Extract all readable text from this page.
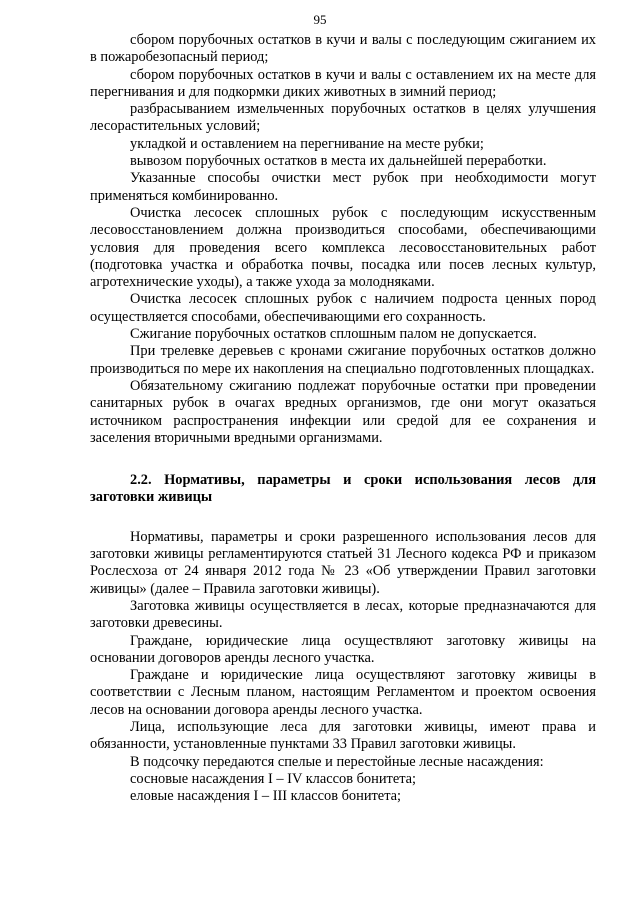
95

сбором порубочных остатков в кучи и валы с последующим сжиганием их в пожаробезопасный период;

сбором порубочных остатков в кучи и валы с оставлением их на месте для перегнивания и для подкормки диких животных в зимний период;

разбрасыванием измельченных порубочных остатков в целях улучшения лесорастительных условий;

укладкой и оставлением на перегнивание на месте рубки;

вывозом порубочных остатков в места их дальнейшей переработки.

Указанные способы очистки мест рубок при необходимости могут применяться комбинированно.

Очистка лесосек сплошных рубок с последующим искусственным лесовосстановлением должна производиться способами, обеспечивающими условия для проведения всего комплекса лесовосстановительных работ (подготовка участка и обработка почвы, посадка или посев лесных культур, агротехнические уходы), а также ухода за молодняками.

Очистка лесосек сплошных рубок с наличием подроста ценных пород осуществляется способами, обеспечивающими его сохранность.

Сжигание порубочных остатков сплошным палом не допускается.

При трелевке деревьев с кронами сжигание порубочных остатков должно производиться по мере их накопления на специально подготовленных площадках.

Обязательному сжиганию подлежат порубочные остатки при проведении санитарных рубок в очагах вредных организмов, где они могут оказаться источником распространения инфекции или средой для ее сохранения и заселения вторичными вредными организмами.

2.2. Нормативы, параметры и сроки использования лесов для заготовки живицы

Нормативы, параметры и сроки разрешенного использования лесов для заготовки живицы регламентируются статьей 31 Лесного кодекса РФ и приказом Рослесхоза от 24 января 2012 года № 23 «Об утверждении Правил заготовки живицы» (далее – Правила заготовки живицы).

Заготовка живицы осуществляется в лесах, которые предназначаются для заготовки древесины.

Граждане, юридические лица осуществляют заготовку живицы на основании договоров аренды лесного участка.

Граждане и юридические лица осуществляют заготовку живицы в соответствии с Лесным планом, настоящим Регламентом и проектом освоения лесов на основании договора аренды лесного участка.

Лица, использующие леса для заготовки живицы, имеют права и обязанности, установленные пунктами 33 Правил заготовки живицы.

В подсочку передаются спелые и перестойные лесные насаждения:

сосновые насаждения I – IV классов бонитета;

еловые насаждения I – III классов бонитета;
